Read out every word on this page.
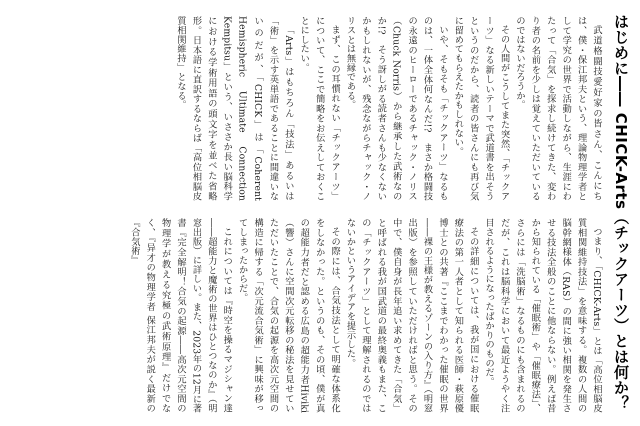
はじめに―― CHICK-Arts（チックアーツ）とは何か？

武道格闘技愛好家の皆さん、こんにちは、僕・保江邦夫という、理論物理学者として学究の世界で活動しながら、生涯にわたって「合気」を探求し続けてきた、変わり者の名前を少しは覚えていただいているのではないだろうか。

その人間がこうしてまた突然、「チックアーツ」なる新しいテーマで武道書を出そうというのだから、読者の皆さんにも再び気に留めてもらえたかもしれない。

いや、そもそも「チックアーツ」なるものは、一体全体何なんだ!?　まさか格闘技の永遠のヒーローであるチャック・ノリス（Chuck Norris）から継承した武術なのか!?　そう訝しがる読者さんも少なくないかもしれないが、残念ながらチャック・ノリスとは無縁である。

まず、この耳慣れない「チックアーツ」について、ここで簡略をお伝えしておくことにしたい。

「Arts」はもちろん「技法」あるいは「術」を示す英単語であることに間違いないのだが、「CHICK」は「Coherent Hemispheric Ultimate Connection Kempitsu」という、いささか長い脳科学における学術用語の頭文字を並べた省略形。日本語に直訳するならば「高位相脳皮質相関維持」となる。

つまり、「CHICK-Arts」とは「高位相脳皮質相関維持技法」を意味する。複数の人間の脳幹網様体（RAS）の間に強い相関を発生させる技法全般のことに他ならない。例えば昔から知られている「催眠術」や「催眠療法」、さらには「洗脳術」なるものにも含まれるのだが、これは脳科学において最近ようやく注目されるようになったばかりのものだ。

その詳細については、我が国における催眠療法の第一人者として知られる医師・萩原優博士との共著『ここまでわかった催眠の世界――裸の王様が教えるゾーンの入り方』（明窓出版）を参照していただければと思う。その中で、僕自身が長年追い求めてきた「合気」と呼ばれる我が国武道の最終奥義もまた、この「チックアーツ」として理解されるのではないかというアイデアを提示した。

その際には、合気技法として明確な体系化をしなかった。というのも、その頃、僕が真の超能力者だと認める広島の超能力者Hiviki（響）さんに空間次元転移の秘法を見せていただいたことで、合気の起源を高次元空間の構造に帰する「次元流合気術」に興味が移ってしまったからだ。

これについては『時空を操るマジシャン達――超能力と魔術の世界はひとつなのか』（明窓出版）に詳しい。また、2023年の12月に著書『完全解明！合気の起源――高次元空間の物理学が教える究極の武術原理』だけでなく、『异才の物理学者 保江邦夫が説く最新の『合気術』
